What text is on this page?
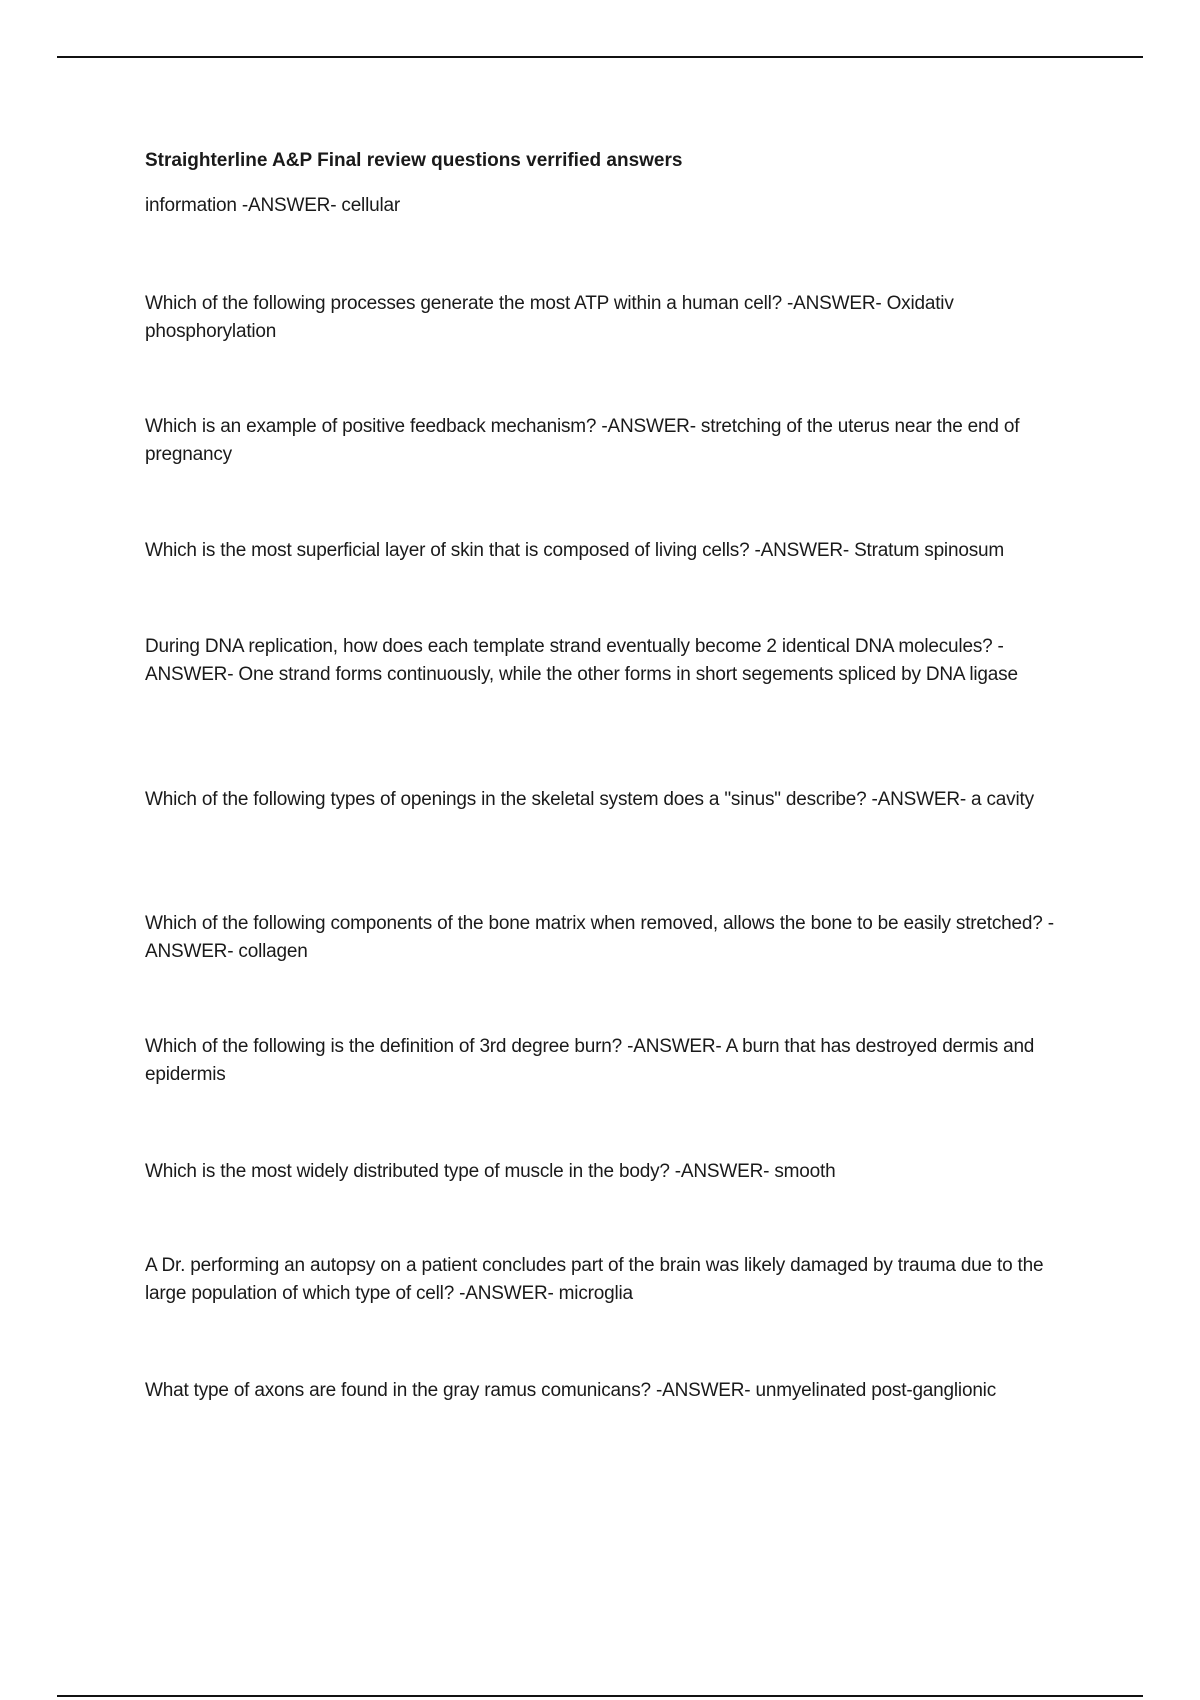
Straighterline A&P Final review questions verrified answers

information -ANSWER- cellular

Which of the following processes generate the most ATP within a human cell? -ANSWER- Oxidativ phosphorylation

Which is an example of positive feedback mechanism? -ANSWER- stretching of the uterus near the end of pregnancy

Which is the most superficial layer of skin that is composed of living cells? -ANSWER- Stratum spinosum

During DNA replication, how does each template strand eventually become 2 identical DNA molecules? -ANSWER- One strand forms continuously, while the other forms in short segements spliced by DNA ligase

Which of the following types of openings in the skeletal system does a "sinus" describe? -ANSWER- a cavity

Which of the following components of the bone matrix when removed, allows the bone to be easily stretched? -ANSWER- collagen

Which of the following is the definition of 3rd degree burn? -ANSWER- A burn that has destroyed dermis and epidermis

Which is the most widely distributed type of muscle in the body? -ANSWER- smooth

A Dr. performing an autopsy on a patient concludes part of the brain was likely damaged by trauma due to the large population of which type of cell? -ANSWER- microglia

What type of axons are found in the gray ramus comunicans? -ANSWER- unmyelinated post-ganglionic
